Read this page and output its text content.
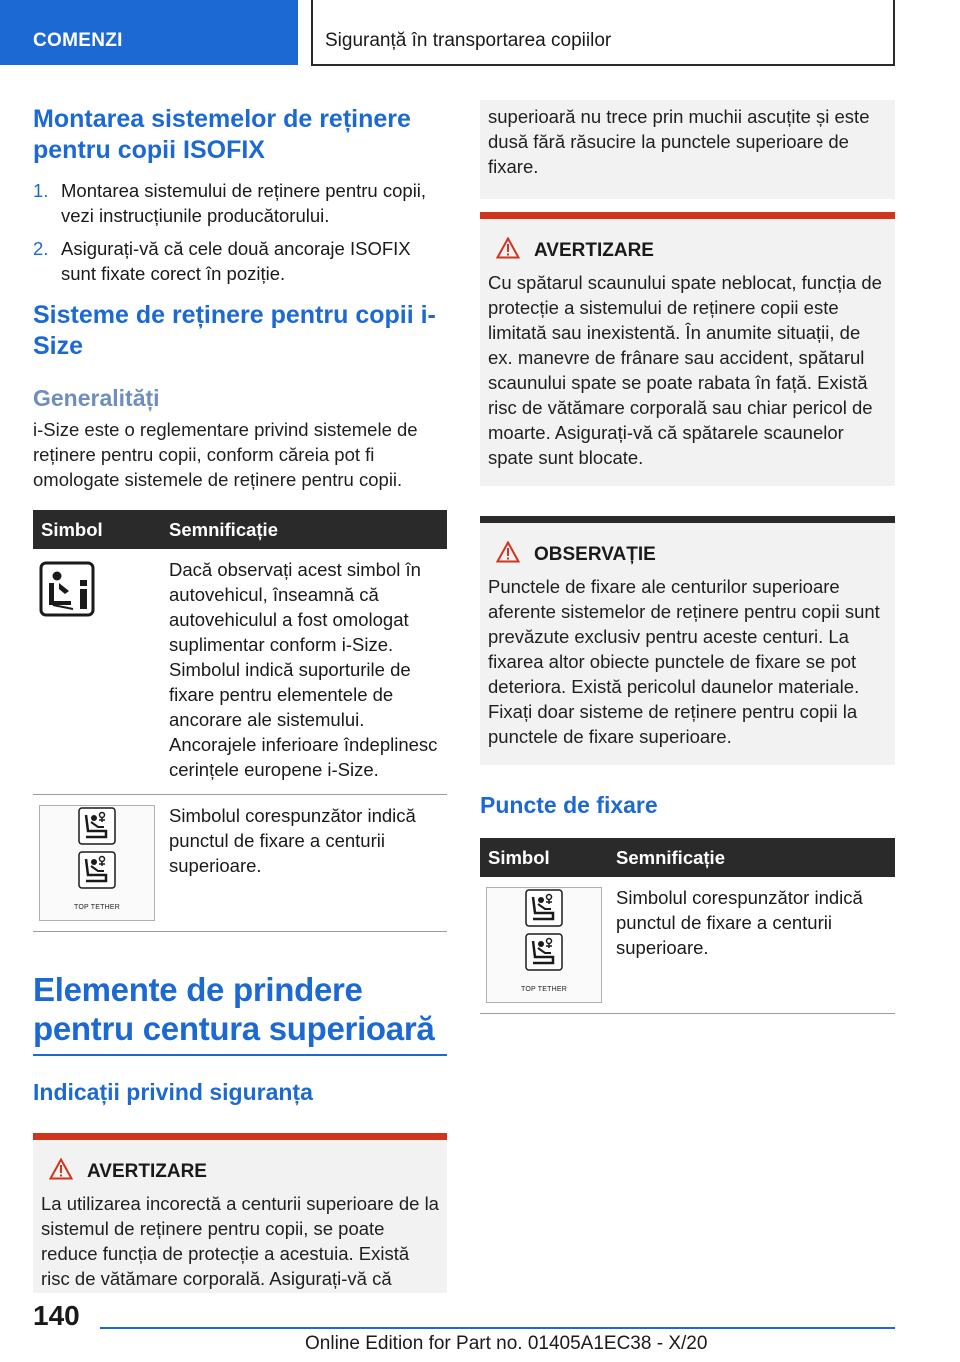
COMENZI	Siguranță în transportarea copiilor
Montarea sistemelor de reținere pentru copii ISOFIX
1. Montarea sistemului de reținere pentru copii, vezi instrucțiunile producătorului.
2. Asigurați-vă că cele două ancoraje ISOFIX sunt fixate corect în poziție.
Sisteme de reținere pentru copii i-Size
Generalități
i-Size este o reglementare privind sistemele de reținere pentru copii, conform căreia pot fi omologate sistemele de reținere pentru copii.
Simbol	Semnificație
	Dacă observați acest simbol în autovehicul, înseamnă că autovehiculul a fost omologat suplimentar conform i-Size. Simbolul indică suporturile de fixare pentru elementele de ancorare ale sistemului. Ancorajele inferioare îndeplinesc cerințele europene i-Size.

TOP TETHER	Simbolul corespunzător indică punctul de fixare a centurii superioare.
Elemente de prindere pentru centura superioară
Indicații privind siguranța
AVERTIZARE
La utilizarea incorectă a centurii superioare de la sistemul de reținere pentru copii, se poate reduce funcția de protecție a acestuia. Există risc de vătămare corporală. Asigurați-vă că
superioară nu trece prin muchii ascuțite și este dusă fără răsucire la punctele superioare de fixare.
AVERTIZARE
Cu spătarul scaunului spate neblocat, funcția de protecție a sistemului de reținere copii este limitată sau inexistentă. În anumite situații, de ex. manevre de frânare sau accident, spătarul scaunului spate se poate rabata în față. Există risc de vătămare corporală sau chiar pericol de moarte. Asigurați-vă că spătarele scaunelor spate sunt blocate.
OBSERVAȚIE
Punctele de fixare ale centurilor superioare aferente sistemelor de reținere pentru copii sunt prevăzute exclusiv pentru aceste centuri. La fixarea altor obiecte punctele de fixare se pot deteriora. Există pericolul daunelor materiale. Fixați doar sisteme de reținere pentru copii la punctele de fixare superioare.
Puncte de fixare
Simbol	Semnificație

TOP TETHER	Simbolul corespunzător indică punctul de fixare a centurii superioare.
140
Online Edition for Part no. 01405A1EC38 - X/20
